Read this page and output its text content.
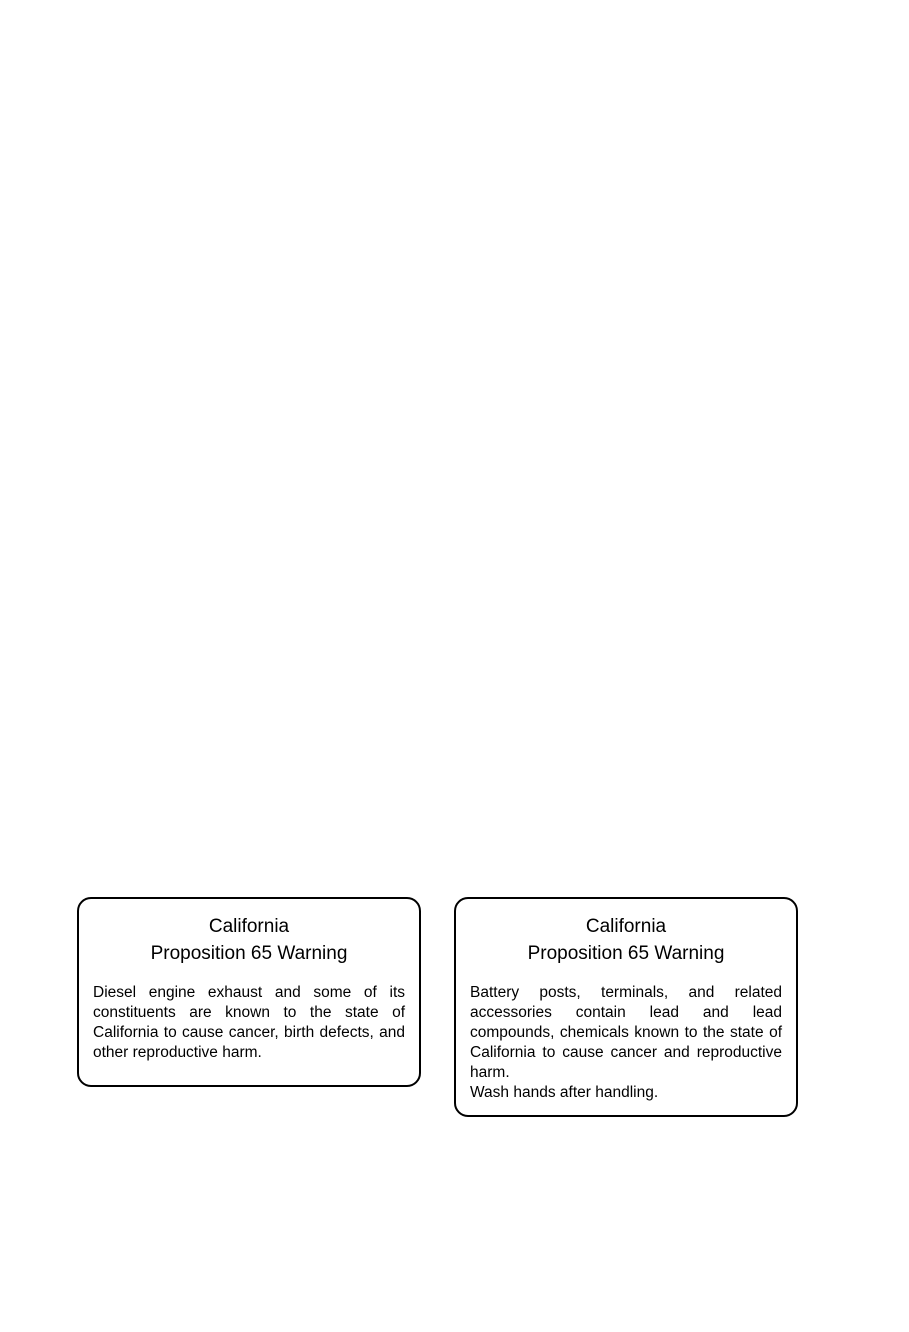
California
Proposition 65 Warning

Diesel engine exhaust and some of its constituents are known to the state of California to cause cancer, birth defects, and other reproductive harm.

California
Proposition 65 Warning

Battery posts, terminals, and related accessories contain lead and lead compounds, chemicals known to the state of California to cause cancer and reproductive harm.

Wash hands after handling.
